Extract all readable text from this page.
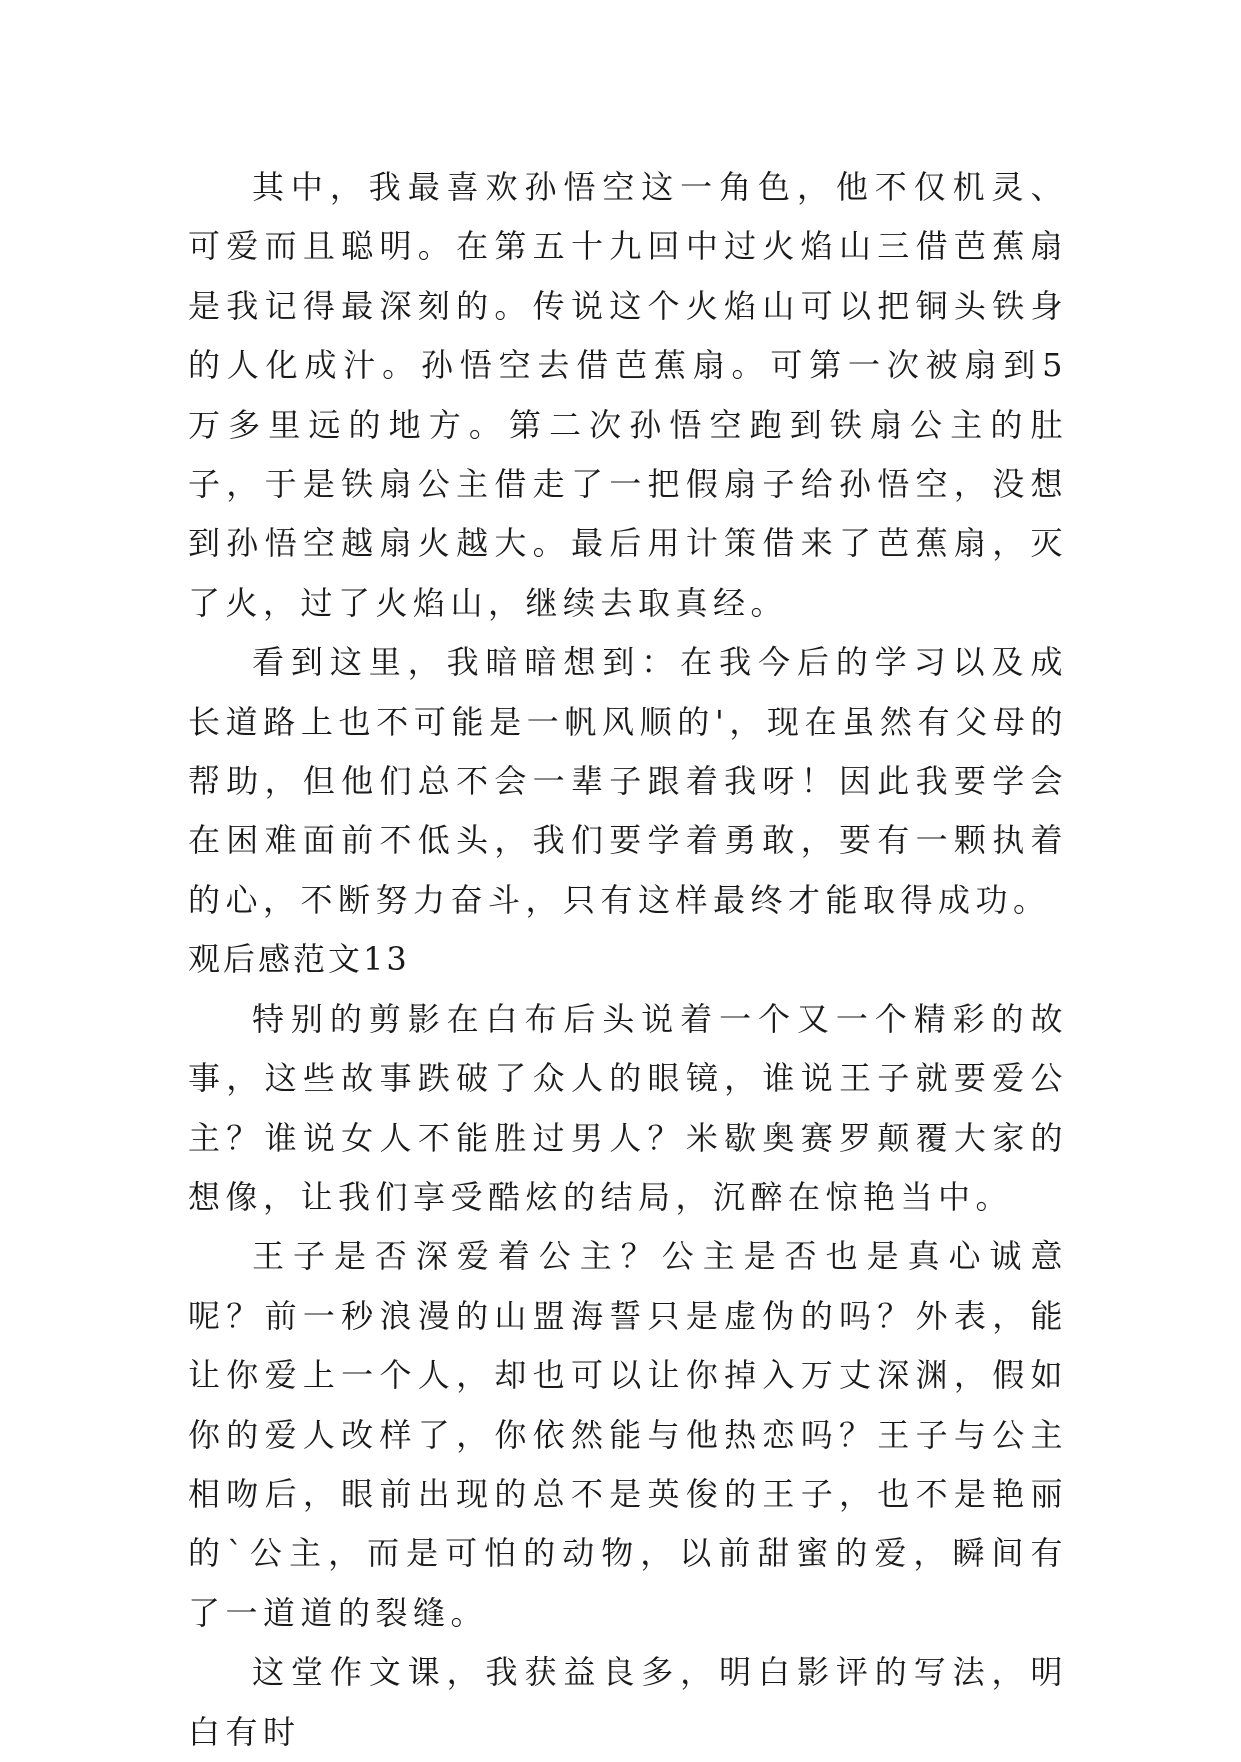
其中，我最喜欢孙悟空这一角色，他不仅机灵、可爱而且聪明。在第五十九回中过火焰山三借芭蕉扇是我记得最深刻的。传说这个火焰山可以把铜头铁身的人化成汁。孙悟空去借芭蕉扇。可第一次被扇到5万多里远的地方。第二次孙悟空跑到铁扇公主的肚子，于是铁扇公主借走了一把假扇子给孙悟空，没想到孙悟空越扇火越大。最后用计策借来了芭蕉扇，灭了火，过了火焰山，继续去取真经。

看到这里，我暗暗想到：在我今后的学习以及成长道路上也不可能是一帆风顺的'，现在虽然有父母的帮助，但他们总不会一辈子跟着我呀！因此我要学会在困难面前不低头，我们要学着勇敢，要有一颗执着的心，不断努力奋斗，只有这样最终才能取得成功。

观后感范文13

特别的剪影在白布后头说着一个又一个精彩的故事，这些故事跌破了众人的眼镜，谁说王子就要爱公主？谁说女人不能胜过男人？米歇奥赛罗颠覆大家的想像，让我们享受酷炫的结局，沉醉在惊艳当中。

王子是否深爱着公主？公主是否也是真心诚意呢？前一秒浪漫的山盟海誓只是虚伪的吗？外表，能让你爱上一个人，却也可以让你掉入万丈深渊，假如你的爱人改样了，你依然能与他热恋吗？王子与公主相吻后，眼前出现的总不是英俊的王子，也不是艳丽的`公主，而是可怕的动物，以前甜蜜的爱，瞬间有了一道道的裂缝。

这堂作文课，我获益良多，明白影评的写法，明白有时
